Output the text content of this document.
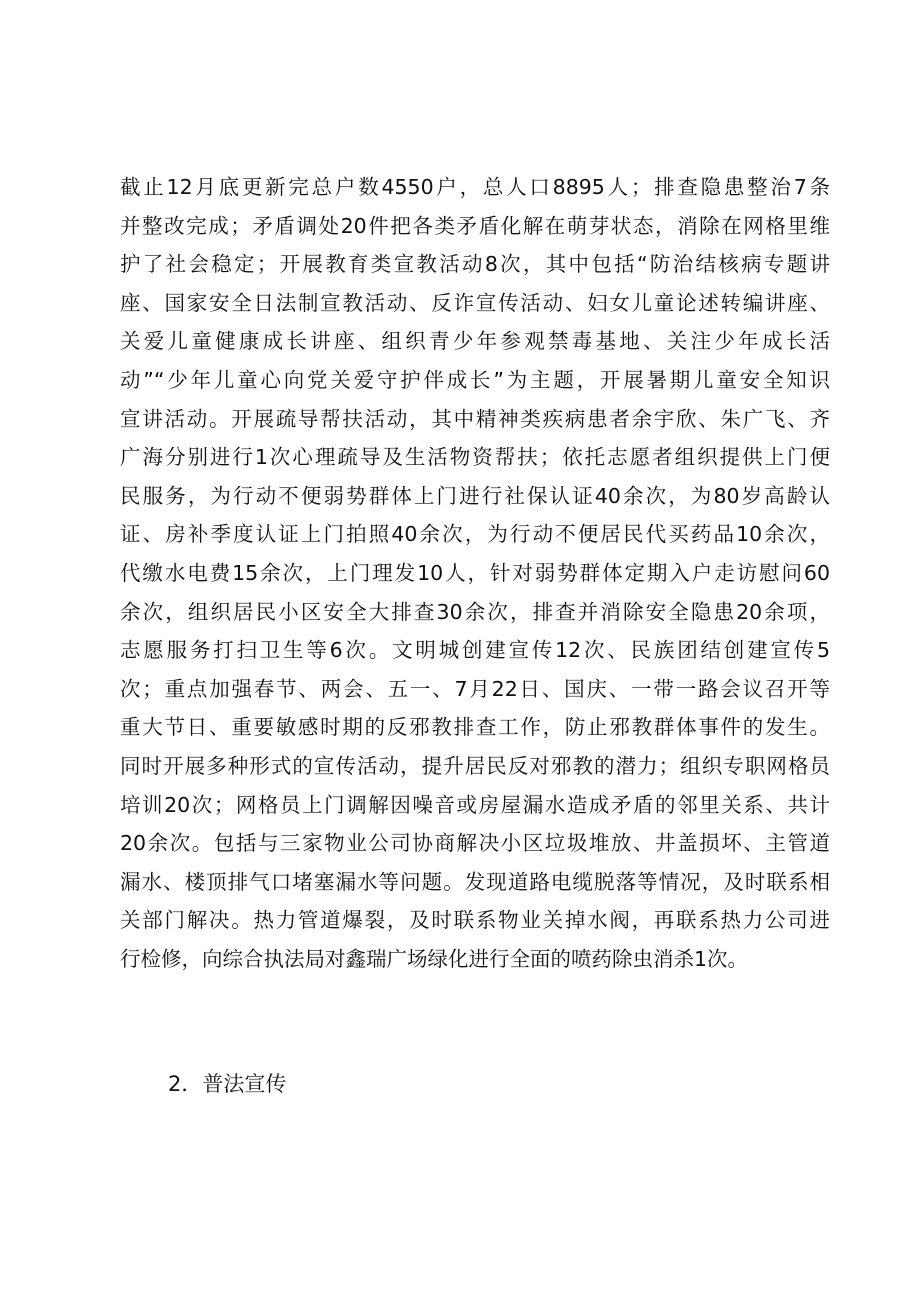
截止12月底更新完总户数4550户，总人口8895人；排查隐患整治7条
并整改完成；矛盾调处20件把各类矛盾化解在萌芽状态，消除在网格里维
护了社会稳定；开展教育类宣教活动8次，其中包括“防治结核病专题讲
座、国家安全日法制宣教活动、反诈宣传活动、妇女儿童论述转编讲座、
关爱儿童健康成长讲座、组织青少年参观禁毒基地、关注少年成长活
动”“少年儿童心向党关爱守护伴成长”为主题，开展暑期儿童安全知识
宣讲活动。开展疏导帮扶活动，其中精神类疾病患者余宇欣、朱广飞、齐
广海分别进行1次心理疏导及生活物资帮扶；依托志愿者组织提供上门便
民服务，为行动不便弱势群体上门进行社保认证40余次，为80岁高龄认
证、房补季度认证上门拍照40余次，为行动不便居民代买药品10余次，
代缴水电费15余次，上门理发10人，针对弱势群体定期入户走访慰问60
余次，组织居民小区安全大排查30余次，排查并消除安全隐患20余项，
志愿服务打扫卫生等6次。文明城创建宣传12次、民族团结创建宣传5
次；重点加强春节、两会、五一、7月22日、国庆、一带一路会议召开等
重大节日、重要敏感时期的反邪教排查工作，防止邪教群体事件的发生。
同时开展多种形式的宣传活动，提升居民反对邪教的潜力；组织专职网格员
培训20次；网格员上门调解因噪音或房屋漏水造成矛盾的邻里关系、共计
20余次。包括与三家物业公司协商解决小区垃圾堆放、井盖损坏、主管道
漏水、楼顶排气口堵塞漏水等问题。发现道路电缆脱落等情况，及时联系相
关部门解决。热力管道爆裂，及时联系物业关掉水阀，再联系热力公司进
行检修，向综合执法局对鑫瑞广场绿化进行全面的喷药除虫消杀1次。
2．普法宣传
